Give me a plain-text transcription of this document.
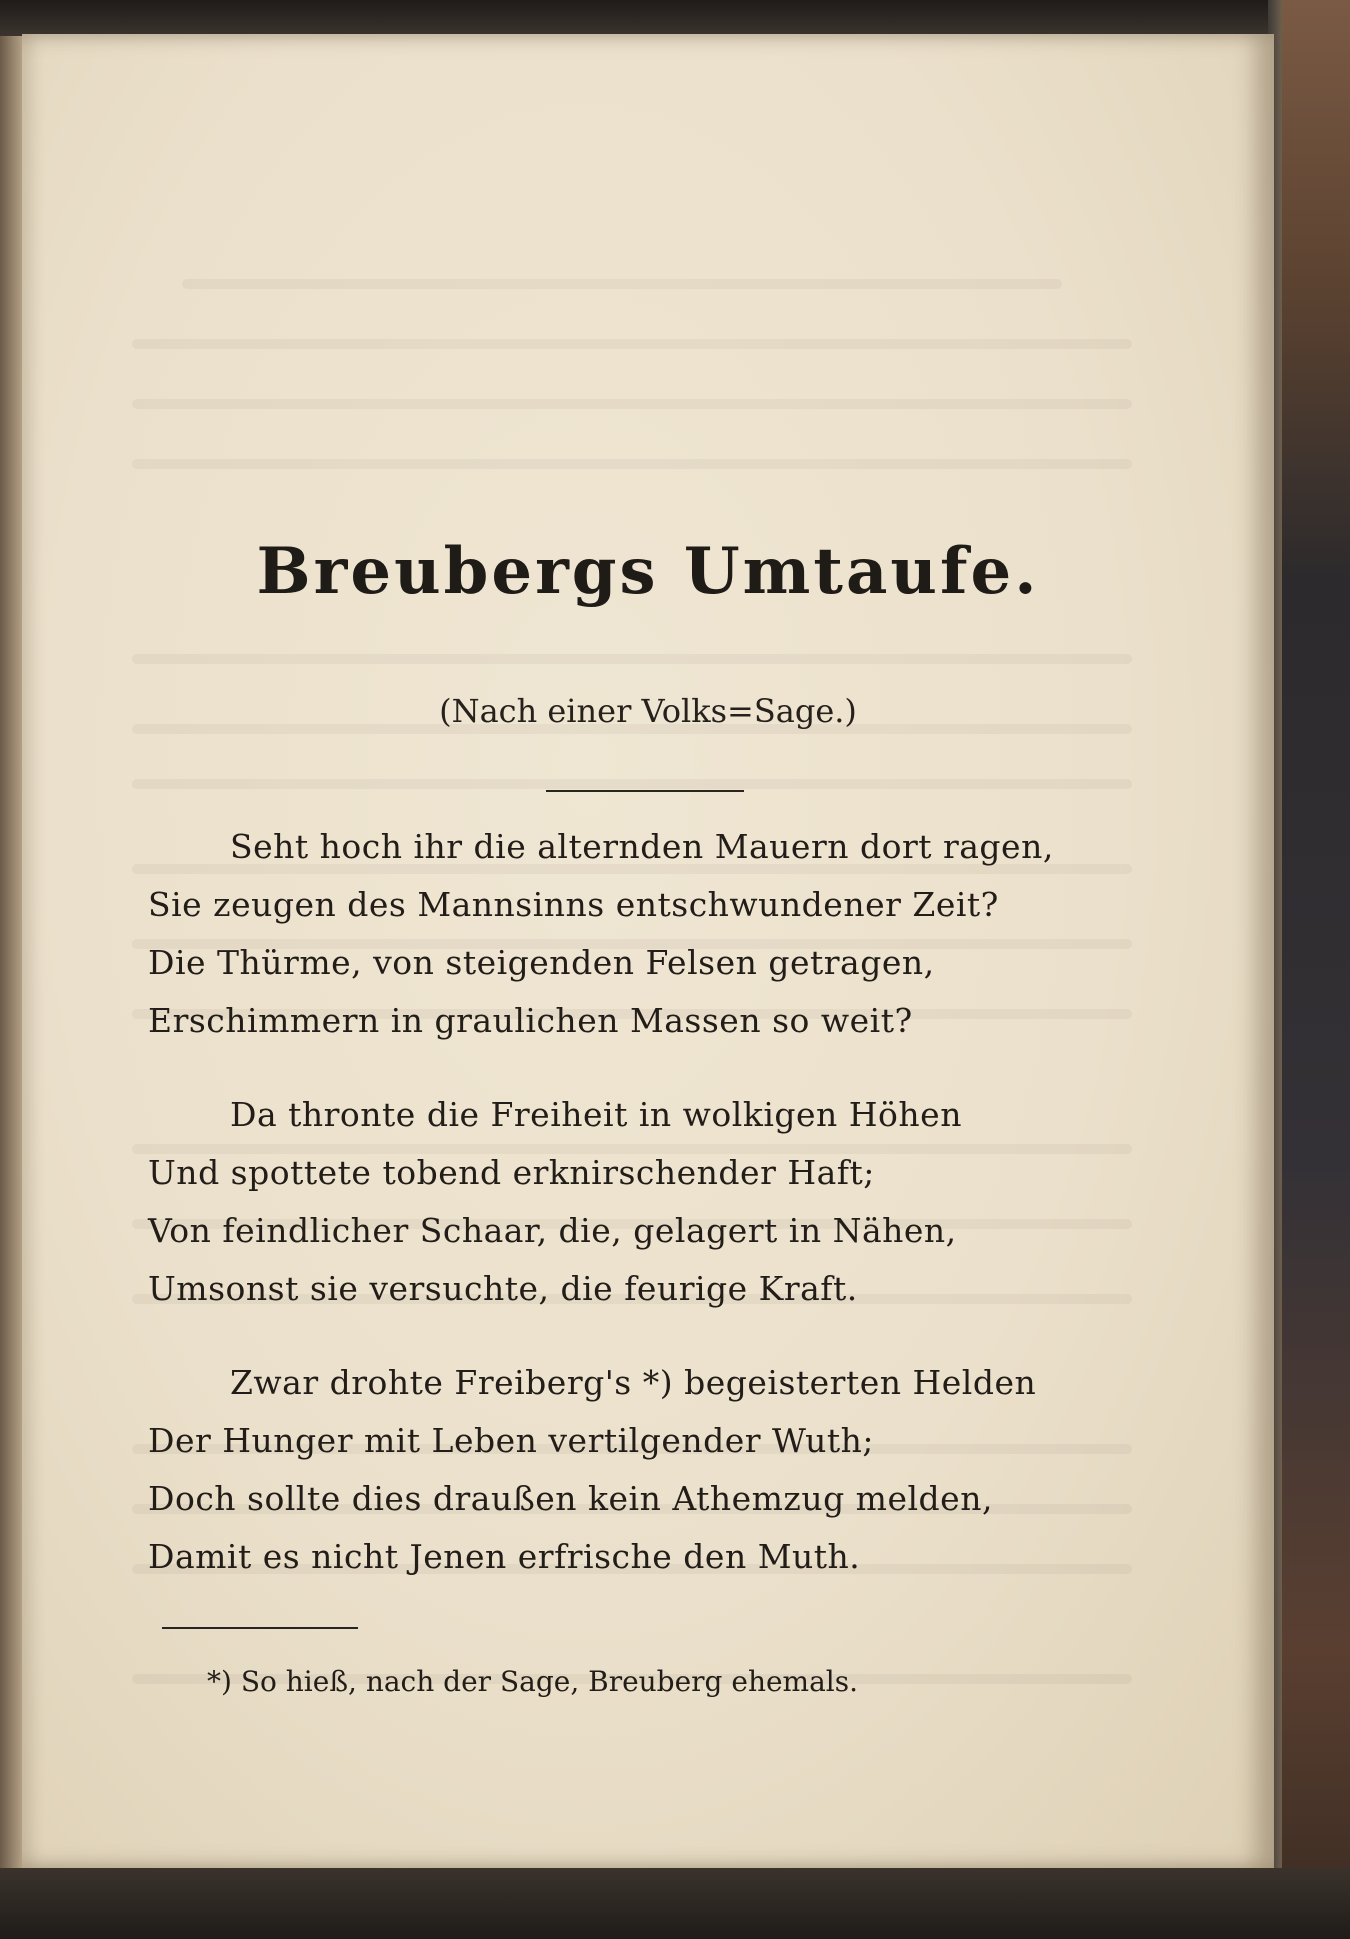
Breubergs Umtaufe.

(Nach einer Volks=Sage.)

Seht hoch ihr die alternden Mauern dort ragen,

Sie zeugen des Mannsinns entschwundener Zeit?

Die Thürme, von steigenden Felsen getragen,

Erschimmern in graulichen Massen so weit?

Da thronte die Freiheit in wolkigen Höhen

Und spottete tobend erknirschender Haft;

Von feindlicher Schaar, die, gelagert in Nähen,

Umsonst sie versuchte, die feurige Kraft.

Zwar drohte Freiberg's *) begeisterten Helden

Der Hunger mit Leben vertilgender Wuth;

Doch sollte dies draußen kein Athemzug melden,

Damit es nicht Jenen erfrische den Muth.

*) So hieß, nach der Sage, Breuberg ehemals.
